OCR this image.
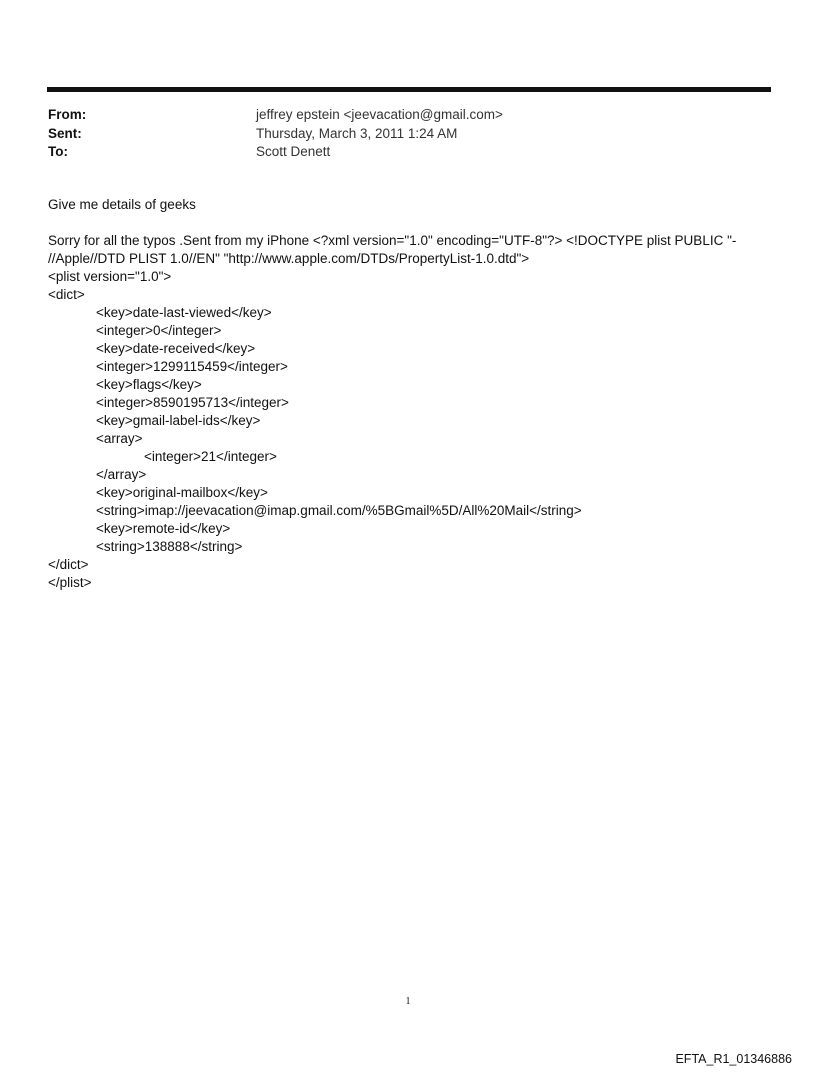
From:	jeffrey epstein <jeevacation@gmail.com>
Sent:	Thursday, March 3, 2011 1:24 AM
To:	Scott Denett

Give me details of geeks

Sorry for all the typos .Sent from my iPhone <?xml version="1.0" encoding="UTF-8"?> <!DOCTYPE plist PUBLIC "-

//Apple//DTD PLIST 1.0//EN" "http://www.apple.com/DTDs/PropertyList-1.0.dtd">

<plist version="1.0">
<dict>
<key>date-last-viewed</key>
<integer>0</integer>
<key>date-received</key>
<integer>1299115459</integer>
<key>flags</key>
<integer>8590195713</integer>
<key>gmail-label-ids</key>
<array>
<integer>21</integer>
</array>
<key>original-mailbox</key>
<string>imap://jeevacation@imap.gmail.com/%5BGmail%5D/All%20Mail</string>
<key>remote-id</key>
<string>138888</string>
</dict>
</plist>
1
EFTA_R1_01346886
